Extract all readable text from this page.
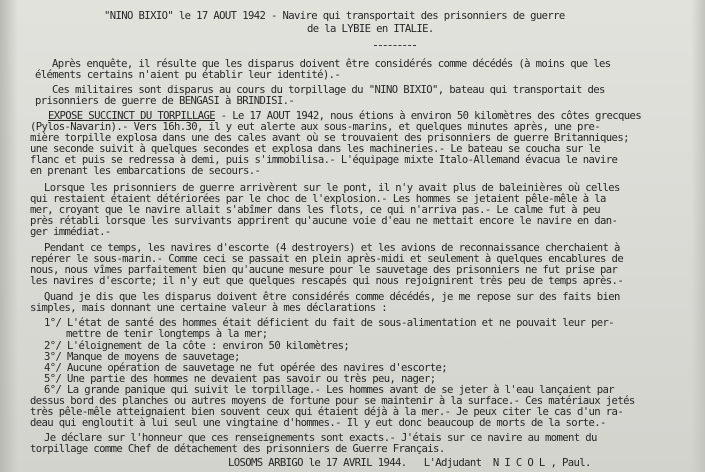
"NINO BIXIO" le 17 AOUT 1942 - Navire qui transportait des prisonniers de guerre
de la LYBIE en ITALIE.
Après enquête, il résulte que les disparus doivent être considérés comme décédés (à moins que les
éléments certains n'aient pu établir leur identité).-
Ces militaires sont disparus au cours du torpillage du "NINO BIXIO", bateau qui transportait des
prisonniers de guerre de BENGASI à BRINDISI.-
EXPOSE SUCCINCT DU TORPILLAGE - Le 17 AOUT 1942, nous étions à environ 50 kilomètres des côtes grecques
(Pylos-Navarin).- Vers 16h.30, il y eut alerte aux sous-marins, et quelques minutes après, une pre-
mière torpille explosa dans une des cales avant où se trouvaient des prisonniers de guerre Britanniques;
une seconde suivit à quelques secondes et explosa dans les machineries.- Le bateau se coucha sur le
flanc et puis se redressa à demi, puis s'immobilisa.- L'équipage mixte Italo-Allemand évacua le navire
en prenant les embarcations de secours.-
Lorsque les prisonniers de guerre arrivèrent sur le pont, il n'y avait plus de baleinières où celles
qui restaient étaient détériorées par le choc de l'explosion.- Les hommes se jetaient pêle-mêle à la
mer, croyant que le navire allait s'abîmer dans les flots, ce qui n'arriva pas.- Le calme fut à peu
près rétabli lorsque les survivants apprirent qu'aucune voie d'eau ne mettait encore le navire en dan-
ger immédiat.-
Pendant ce temps, les navires d'escorte (4 destroyers) et les avions de reconnaissance cherchaient à
repérer le sous-marin.- Comme ceci se passait en plein après-midi et seulement à quelques encablures de
nous, nous vîmes parfaitement bien qu'aucune mesure pour le sauvetage des prisonniers ne fut prise par
les navires d'escorte; il n'y eut que quelques rescapés qui nous rejoignirent très peu de temps après.-
Quand je dis que les disparus doivent être considérés comme décédés, je me repose sur des faits bien
simples, mais donnant une certaine valeur à mes déclarations :
1°/ L'état de santé des hommes était déficient du fait de sous-alimentation et ne pouvait leur per-
mettre de tenir longtemps à la mer;
2°/ L'éloignement de la côte : environ 50 kilomètres;
3°/ Manque de moyens de sauvetage;
4°/ Aucune opération de sauvetage ne fut opérée des navires d'escorte;
5°/ Une partie des hommes ne devaient pas savoir ou très peu, nager;
6°/ La grande panique qui suivit le torpillage.- Les hommes avant de se jeter à l'eau lançaient par
dessus bord des planches ou autres moyens de fortune pour se maintenir à la surface.- Ces matériaux jetés
très pêle-mêle atteignaient bien souvent ceux qui étaient déjà à la mer.- Je peux citer le cas d'un ra-
deau qui engloutit à lui seul une vingtaine d'hommes.- Il y eut donc beaucoup de morts de la sorte.-
Je déclare sur l'honneur que ces renseignements sont exacts.- J'étais sur ce navire au moment du
torpillage comme Chef de détachement des prisonniers de Guerre Français.
LOSOMS ARBIGO le 17 AVRIL 1944.   L'Adjudant  N I C O L , Paul.
